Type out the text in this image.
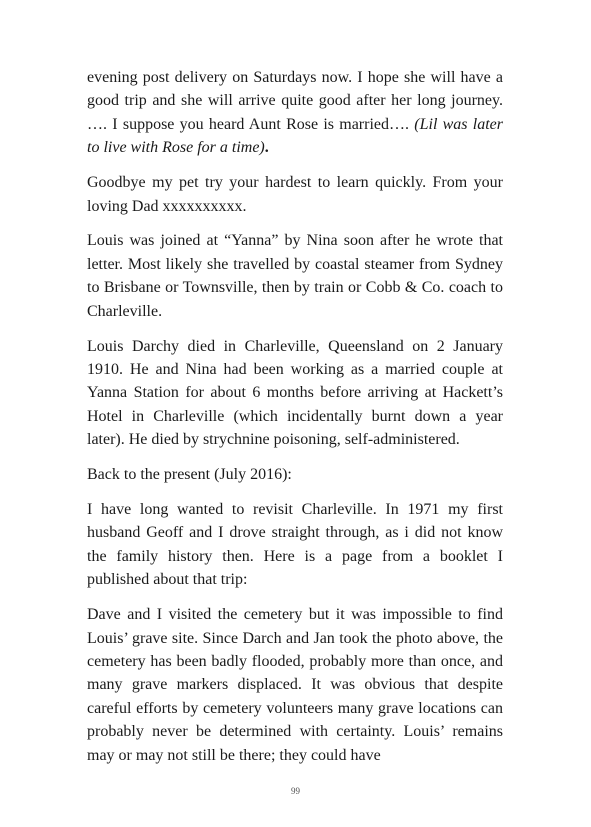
evening post delivery on Saturdays now. I hope she will have a good trip and she will arrive quite good after her long journey. …. I suppose you heard Aunt Rose is married…. (Lil was later to live with Rose for a time).

Goodbye my pet try your hardest to learn quickly. From your loving Dad xxxxxxxxxx.

Louis was joined at “Yanna” by Nina soon after he wrote that letter. Most likely she travelled by coastal steamer from Sydney to Brisbane or Townsville, then by train or Cobb & Co. coach to Charleville.

Louis Darchy died in Charleville, Queensland on 2 January 1910. He and Nina had been working as a married couple at Yanna Station for about 6 months before arriving at Hackett’s Hotel in Charleville (which incidentally burnt down a year later). He died by strychnine poisoning, self-administered.

Back to the present (July 2016):

I have long wanted to revisit Charleville. In 1971 my first husband Geoff and I drove straight through, as i did not know the family history then. Here is a page from a booklet I published about that trip:

Dave and I visited the cemetery but it was impossible to find Louis’ grave site. Since Darch and Jan took the photo above, the cemetery has been badly flooded, probably more than once, and many grave markers displaced. It was obvious that despite careful efforts by cemetery volunteers many grave locations can probably never be determined with certainty. Louis’ remains may or may not still be there; they could have

99
